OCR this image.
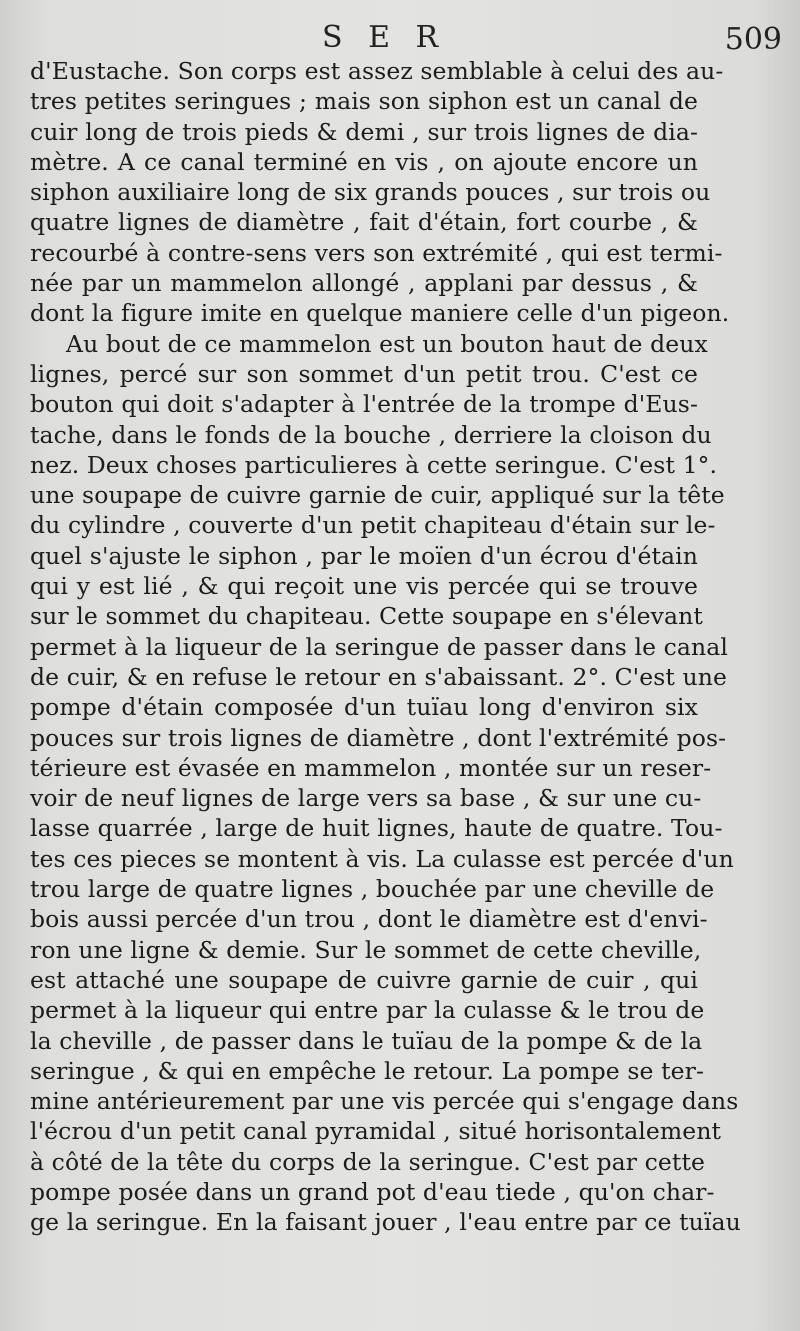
S E R	509
d'Eustache. Son corps est assez semblable à celui des au-
tres petites seringues ; mais son siphon est un canal de
cuir long de trois pieds & demi , sur trois lignes de dia-
mètre. A ce canal terminé en vis , on ajoute encore un
siphon auxiliaire long de six grands pouces , sur trois ou
quatre lignes de diamètre , fait d'étain, fort courbe , &
recourbé à contre-sens vers son extrémité , qui est termi-
née par un mammelon allongé , applani par dessus , &
dont la figure imite en quelque maniere celle d'un pigeon.
Au bout de ce mammelon est un bouton haut de deux
lignes, percé sur son sommet d'un petit trou. C'est ce
bouton qui doit s'adapter à l'entrée de la trompe d'Eus-
tache, dans le fonds de la bouche , derriere la cloison du
nez. Deux choses particulieres à cette seringue. C'est 1°.
une soupape de cuivre garnie de cuir, appliqué sur la tête
du cylindre , couverte d'un petit chapiteau d'étain sur le-
quel s'ajuste le siphon , par le moïen d'un écrou d'étain
qui y est lié , & qui reçoit une vis percée qui se trouve
sur le sommet du chapiteau. Cette soupape en s'élevant
permet à la liqueur de la seringue de passer dans le canal
de cuir, & en refuse le retour en s'abaissant. 2°. C'est une
pompe d'étain composée d'un tuïau long d'environ six
pouces sur trois lignes de diamètre , dont l'extrémité pos-
térieure est évasée en mammelon , montée sur un reser-
voir de neuf lignes de large vers sa base , & sur une cu-
lasse quarrée , large de huit lignes, haute de quatre. Tou-
tes ces pieces se montent à vis. La culasse est percée d'un
trou large de quatre lignes , bouchée par une cheville de
bois aussi percée d'un trou , dont le diamètre est d'envi-
ron une ligne & demie. Sur le sommet de cette cheville,
est attaché une soupape de cuivre garnie de cuir , qui
permet à la liqueur qui entre par la culasse & le trou de
la cheville , de passer dans le tuïau de la pompe & de la
seringue , & qui en empêche le retour. La pompe se ter-
mine antérieurement par une vis percée qui s'engage dans
l'écrou d'un petit canal pyramidal , situé horisontalement
à côté de la tête du corps de la seringue. C'est par cette
pompe posée dans un grand pot d'eau tiede , qu'on char-
ge la seringue. En la faisant jouer , l'eau entre par ce tuïau
